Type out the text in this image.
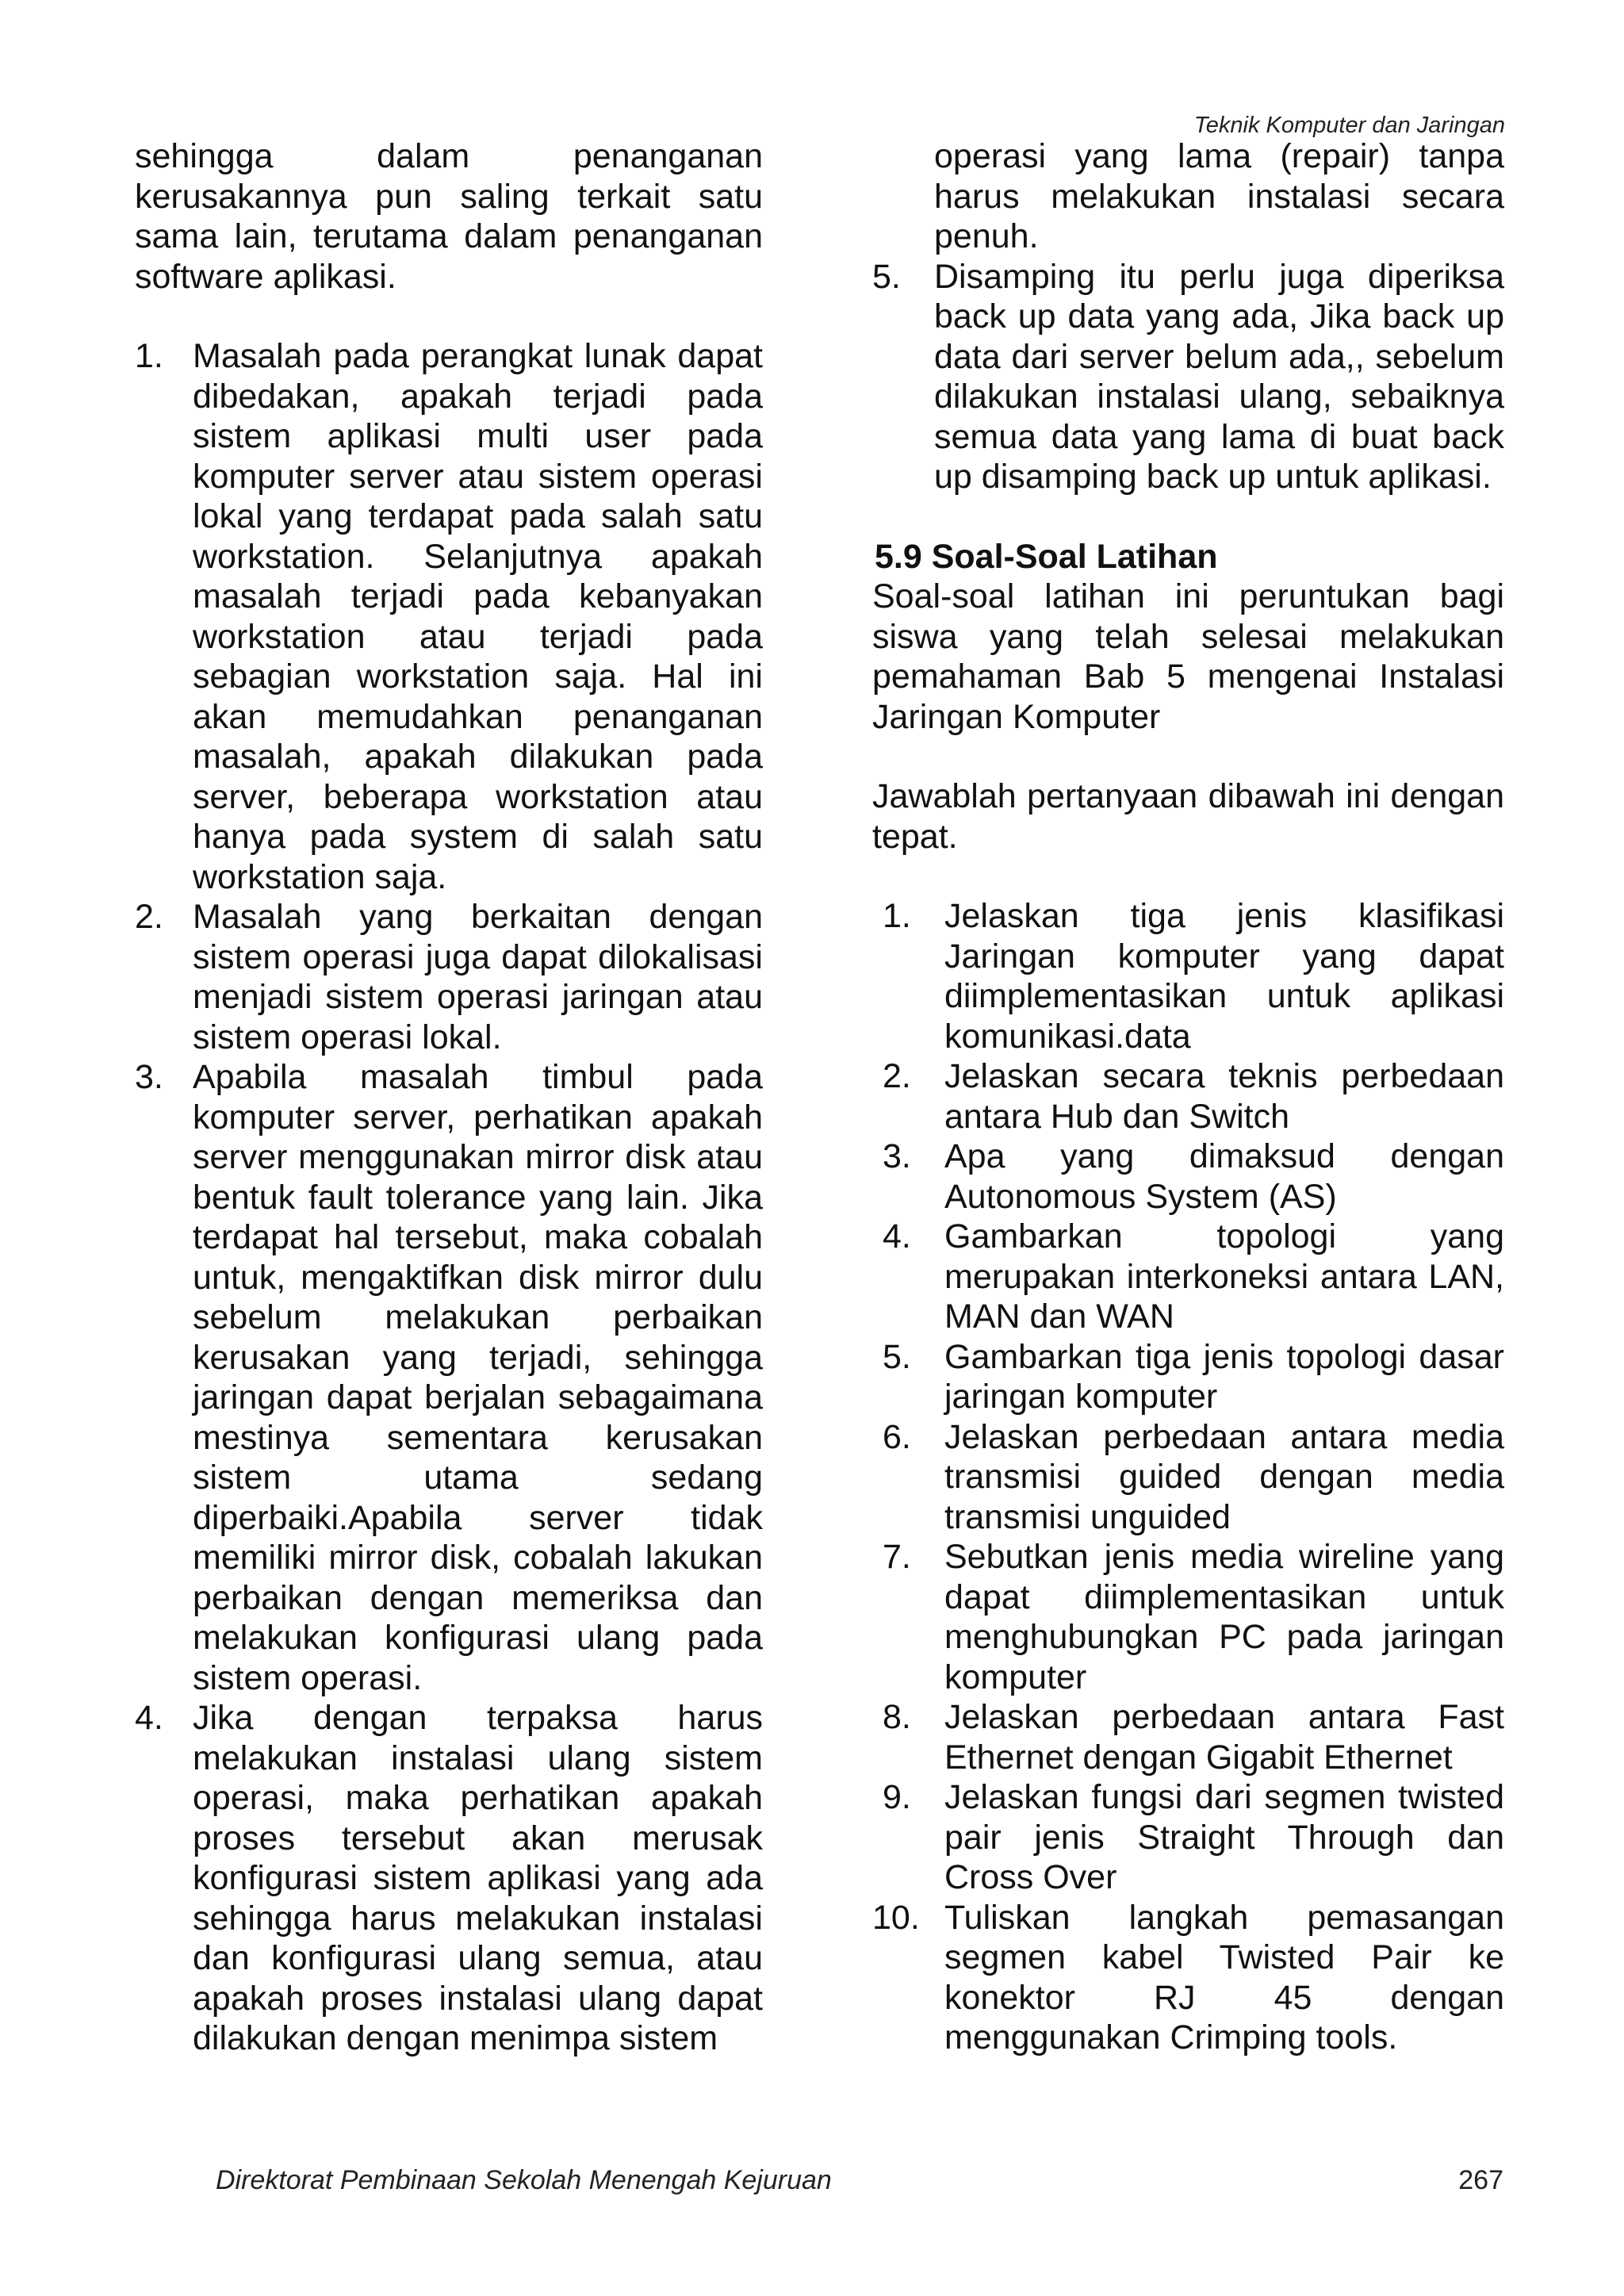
Teknik Komputer dan Jaringan

sehingga dalam penanganan kerusakannya pun saling terkait satu sama lain, terutama dalam penanganan software aplikasi.

1. Masalah pada perangkat lunak dapat dibedakan, apakah terjadi pada sistem aplikasi multi user pada komputer server atau sistem operasi lokal yang terdapat pada salah satu workstation. Selanjutnya apakah masalah terjadi pada kebanyakan workstation atau terjadi pada sebagian workstation saja. Hal ini akan memudahkan penanganan masalah, apakah dilakukan pada server, beberapa workstation atau hanya pada system di salah satu workstation saja.
2. Masalah yang berkaitan dengan sistem operasi juga dapat dilokalisasi menjadi sistem operasi jaringan atau sistem operasi lokal.
3. Apabila masalah timbul pada komputer server, perhatikan apakah server menggunakan mirror disk atau bentuk fault tolerance yang lain. Jika terdapat hal tersebut, maka cobalah untuk, mengaktifkan disk mirror dulu sebelum melakukan perbaikan kerusakan yang terjadi, sehingga jaringan dapat berjalan sebagaimana mestinya sementara kerusakan sistem utama sedang diperbaiki.Apabila server tidak memiliki mirror disk, cobalah lakukan perbaikan dengan memeriksa dan melakukan konfigurasi ulang pada sistem operasi.
4. Jika dengan terpaksa harus melakukan instalasi ulang sistem operasi, maka perhatikan apakah proses tersebut akan merusak konfigurasi sistem aplikasi yang ada sehingga harus melakukan instalasi dan konfigurasi ulang semua, atau apakah proses instalasi ulang dapat dilakukan dengan menimpa sistem

operasi yang lama (repair) tanpa harus melakukan instalasi secara penuh.

5. Disamping itu perlu juga diperiksa back up data yang ada, Jika back up data dari server belum ada,, sebelum dilakukan instalasi ulang, sebaiknya semua data yang lama di buat back up disamping back up untuk aplikasi.

5.9 Soal-Soal Latihan

Soal-soal latihan ini peruntukan bagi siswa yang telah selesai melakukan pemahaman Bab 5 mengenai Instalasi Jaringan Komputer

Jawablah pertanyaan dibawah ini dengan tepat.

1. Jelaskan tiga jenis klasifikasi Jaringan komputer yang dapat diimplementasikan untuk aplikasi komunikasi.data
2. Jelaskan secara teknis perbedaan antara Hub dan Switch
3. Apa yang dimaksud dengan Autonomous System (AS)
4. Gambarkan topologi yang merupakan interkoneksi antara LAN, MAN dan WAN
5. Gambarkan tiga jenis topologi dasar jaringan komputer
6. Jelaskan perbedaan antara media transmisi guided dengan media transmisi unguided
7. Sebutkan jenis media wireline yang dapat diimplementasikan untuk menghubungkan PC pada jaringan komputer
8. Jelaskan perbedaan antara Fast Ethernet dengan Gigabit Ethernet
9. Jelaskan fungsi dari segmen twisted pair jenis Straight Through dan Cross Over
10. Tuliskan langkah pemasangan segmen kabel Twisted Pair ke konektor RJ 45 dengan menggunakan Crimping tools.
Direktorat Pembinaan Sekolah Menengah Kejuruan	267
